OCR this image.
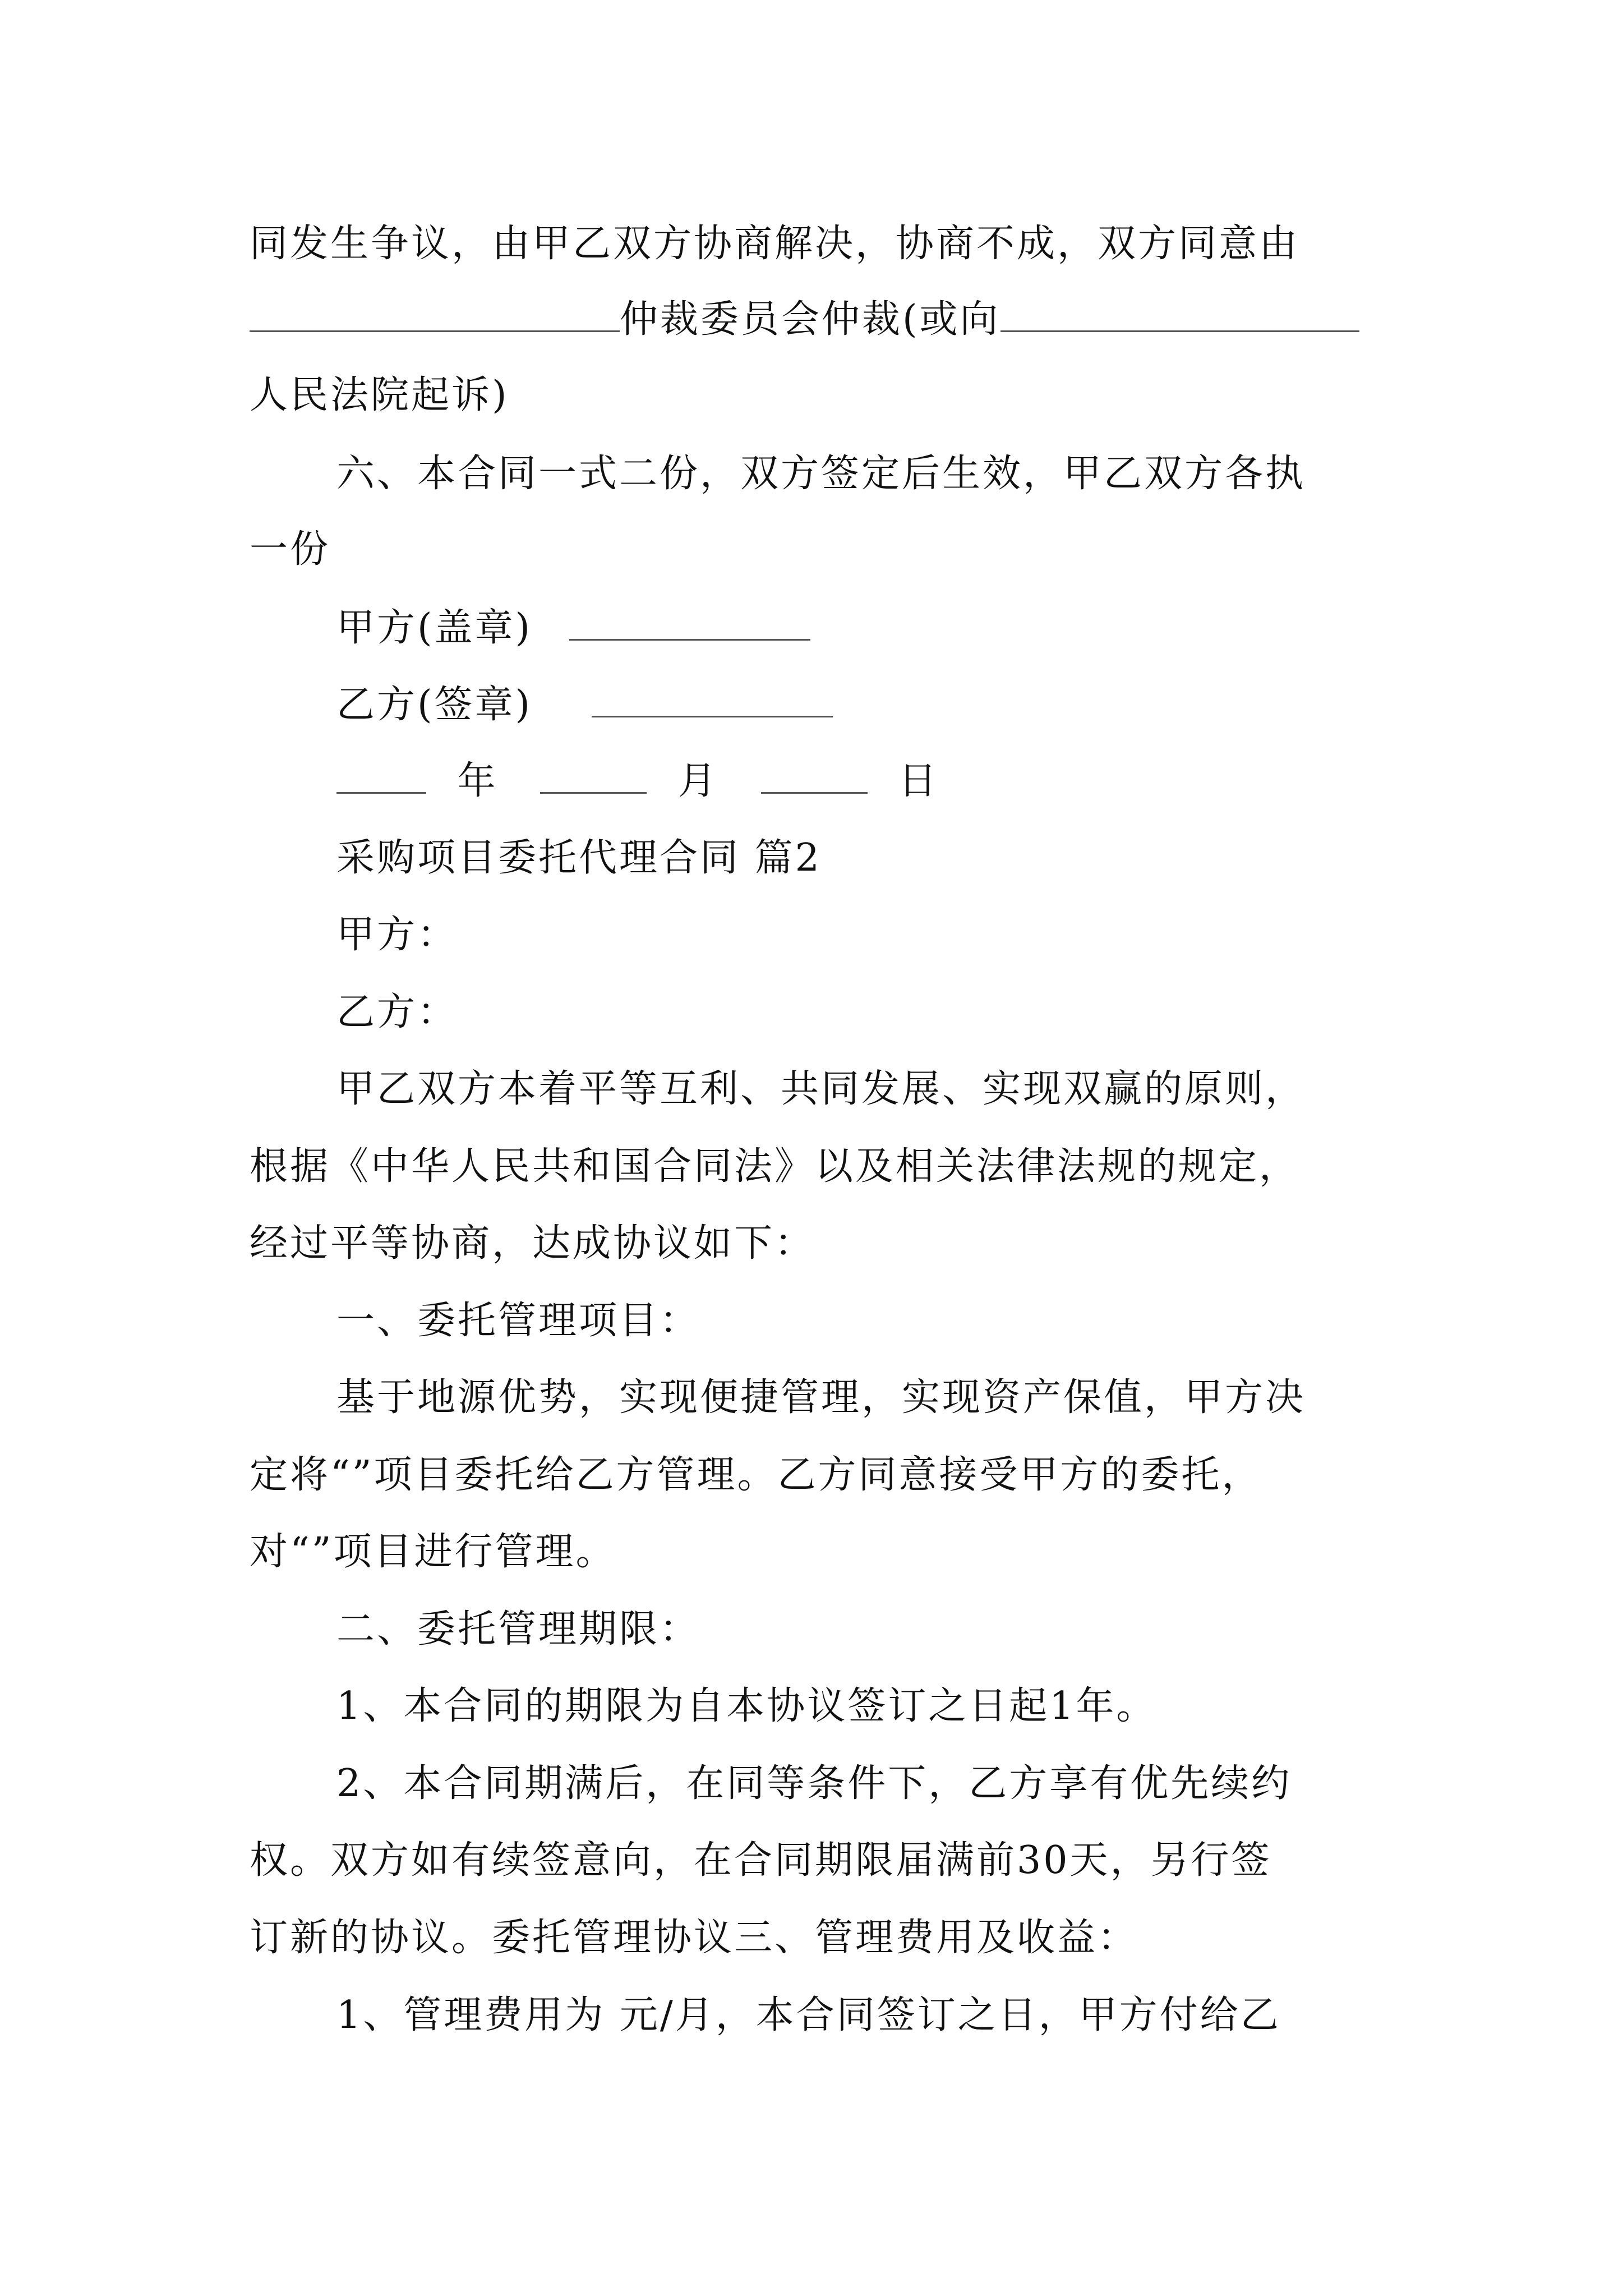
同发生争议，由甲乙双方协商解决，协商不成，双方同意由
仲裁委员会仲裁(或向
人民法院起诉)
六、本合同一式二份，双方签定后生效，甲乙双方各执
一份
甲方(盖章)
乙方(签章)
年	月	日
采购项目委托代理合同 篇2
甲方：
乙方：
甲乙双方本着平等互利、共同发展、实现双赢的原则，
根据《中华人民共和国合同法》以及相关法律法规的规定，
经过平等协商，达成协议如下：
一、委托管理项目：
基于地源优势，实现便捷管理，实现资产保值，甲方决
定将“”项目委托给乙方管理。乙方同意接受甲方的委托，
对“”项目进行管理。
二、委托管理期限：
1、本合同的期限为自本协议签订之日起1年。
2、本合同期满后，在同等条件下，乙方享有优先续约
权。双方如有续签意向，在合同期限届满前30天，另行签
订新的协议。委托管理协议三、管理费用及收益：
1、管理费用为 元/月，本合同签订之日，甲方付给乙
